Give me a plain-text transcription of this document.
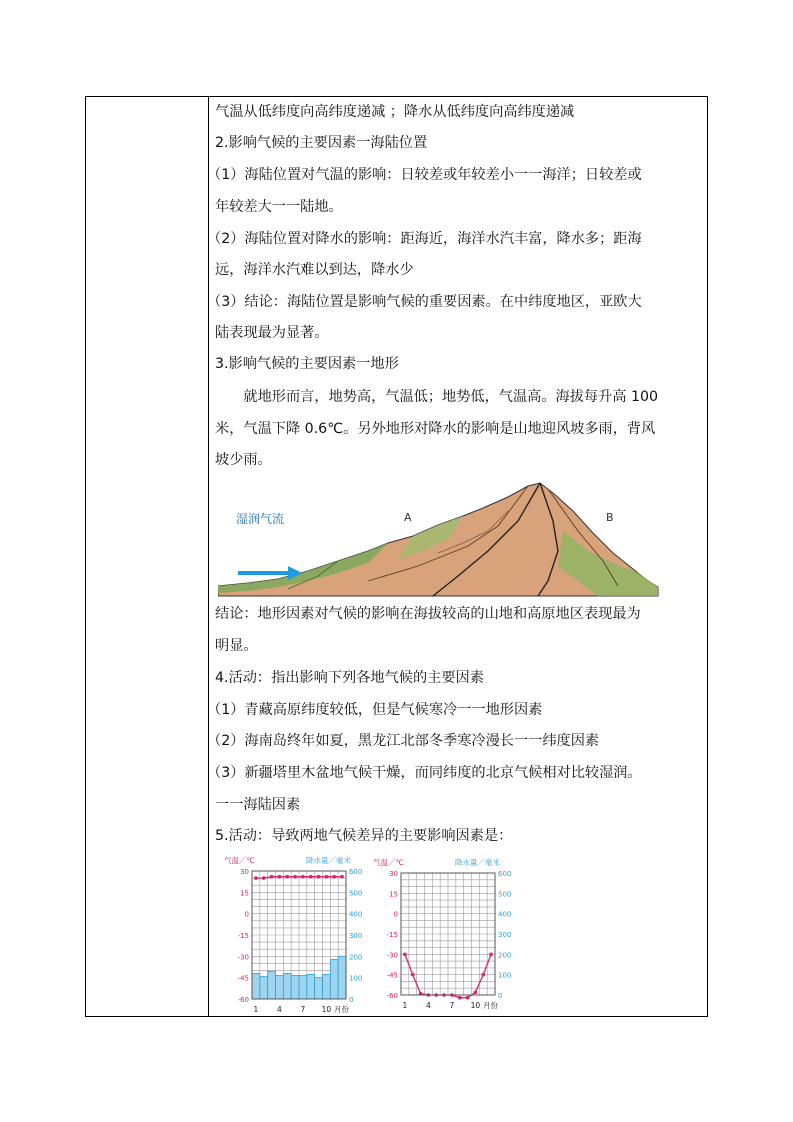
气温从低纬度向高纬度递减 ；降水从低纬度向高纬度递减
2.影响气候的主要因素一海陆位置
（1）海陆位置对气温的影响：日较差或年较差小一一海洋；日较差或
年较差大一一陆地。
（2）海陆位置对降水的影响：距海近，海洋水汽丰富，降水多；距海
远，海洋水汽难以到达，降水少
（3）结论：海陆位置是影响气候的重要因素。在中纬度地区，亚欧大
陆表现最为显著。
3.影响气候的主要因素一地形
　　就地形而言，地势高，气温低；地势低，气温高。海拔每升高 100
米，气温下降 0.6℃。另外地形对降水的影响是山地迎风坡多雨，背风
坡少雨。
湿润气流	A	B
结论：地形因素对气候的影响在海拔较高的山地和高原地区表现最为
明显。
4.活动：指出影响下列各地气候的主要因素
（1）青藏高原纬度较低，但是气候寒冷一一地形因素
（2）海南岛终年如夏，黑龙江北部冬季寒冷漫长一一纬度因素
（3）新疆塔里木盆地气候干燥，而同纬度的北京气候相对比较湿润。
一一海陆因素
5.活动：导致两地气候差异的主要影响因素是：
气温／℃	降水量／毫米
30
15
0
-15
-30
-45
-60
600
500
400
300
200
100
0
1 4 7 10 月份
气温／℃	降水量／毫米
30
15
0
-15
-30
-45
-60
600
500
400
300
200
100
0
1 4 7 10 月份
